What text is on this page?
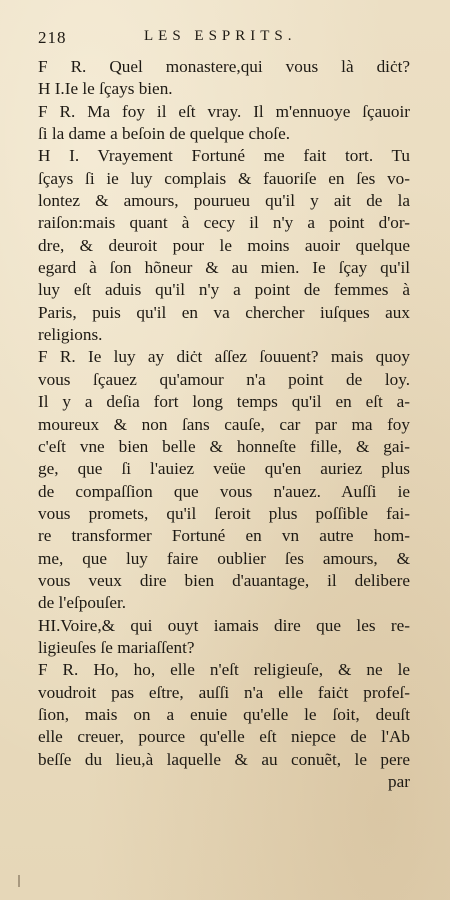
218	LES ESPRITS.
F R. Quel monastere,qui vous là diċt?
H I.Ie le ſçays bien.
F R. Ma foy il eſt vray. Il m'ennuoye ſçauoir
ſi la dame a beſoin de quelque choſe.
H I. Vrayement Fortuné me fait tort. Tu
ſçays ſi ie luy complais & fauoriſe en ſes vo-
lontez & amours, pourueu qu'il y ait de la
raiſon:mais quant à cecy il n'y a point d'or-
dre, & deuroit pour le moins auoir quelque
egard à ſon hõneur & au mien. Ie ſçay qu'il
luy eſt aduis qu'il n'y a point de femmes à
Paris, puis qu'il en va chercher iuſques aux
religions.
F R. Ie luy ay diċt aſſez ſouuent? mais quoy
vous ſçauez qu'amour n'a point de loy.
Il y a deſia fort long temps qu'il en eſt a-
moureux & non ſans cauſe, car par ma foy
c'eſt vne bien belle & honneſte fille, & gai-
ge, que ſi l'auiez veüe qu'en auriez plus
de compaſſion que vous n'auez. Auſſi ie
vous promets, qu'il ſeroit plus poſſible fai-
re transformer Fortuné en vn autre hom-
me, que luy faire oublier ſes amours, &
vous veux dire bien d'auantage, il delibere
de l'eſpouſer.
HI.Voire,& qui ouyt iamais dire que les re-
ligieuſes ſe mariaſſent?
F R. Ho, ho, elle n'eſt religieuſe, & ne le
voudroit pas eſtre, auſſi n'a elle faiċt profeſ-
ſion, mais on a enuie qu'elle le ſoit, deuſt
elle creuer, pource qu'elle eſt niepce de l'Ab
beſſe du lieu,à laquelle & au conuẽt, le pere
par
